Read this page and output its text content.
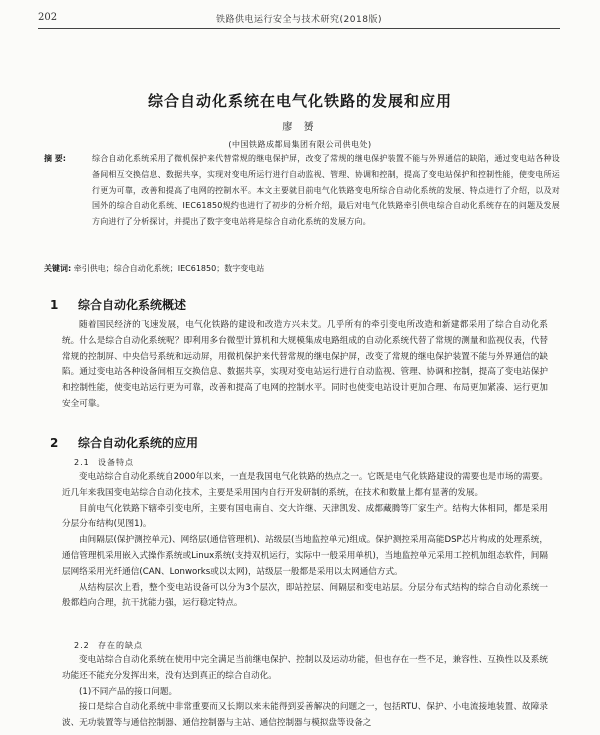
202	铁路供电运行安全与技术研究(2018版)
综合自动化系统在电气化铁路的发展和应用
廖 赟
(中国铁路成都局集团有限公司供电处)
摘 要:	综合自动化系统采用了微机保护来代替常规的继电保护屏，改变了常规的继电保护装置不能与外界通信的缺陷，通过变电站各种设备间相互交换信息、数据共享，实现对变电所运行进行自动监视、管理、协调和控制，提高了变电站保护和控制性能，使变电所运行更为可靠，改善和提高了电网的控制水平。本文主要就目前电气化铁路变电所综合自动化系统的发展、特点进行了介绍，以及对国外的综合自动化系统、IEC61850规约也进行了初步的分析介绍，最后对电气化铁路牵引供电综合自动化系统存在的问题及发展方向进行了分析探讨，并提出了数字变电站将是综合自动化系统的发展方向。
关键词: 牵引供电；综合自动化系统；IEC61850；数字变电站
1 综合自动化系统概述

随着国民经济的飞速发展，电气化铁路的建设和改造方兴未艾。几乎所有的牵引变电所改造和新建都采用了综合自动化系统。什么是综合自动化系统呢？即利用多台微型计算机和大规模集成电路组成的自动化系统代替了常规的测量和监视仪表，代替常规的控制屏、中央信号系统和远动屏，用微机保护来代替常规的继电保护屏，改变了常规的继电保护装置不能与外界通信的缺陷。通过变电站各种设备间相互交换信息、数据共享，实现对变电站运行进行自动监视、管理、协调和控制，提高了变电站保护和控制性能，使变电站运行更为可靠，改善和提高了电网的控制水平。同时也使变电站设计更加合理、布局更加紧凑、运行更加安全可靠。

2 综合自动化系统的应用
2.1 设备特点

变电站综合自动化系统自2000年以来，一直是我国电气化铁路的热点之一。它既是电气化铁路建设的需要也是市场的需要。近几年来我国变电站综合自动化技术，主要是采用国内自行开发研制的系统，在技术和数量上都有显著的发展。

目前电气化铁路下辖牵引变电所，主要有国电南自、交大许继、天津凯发、成都藏腾等厂家生产。结构大体相同，都是采用分层分布结构(见图1)。

由间隔层(保护测控单元)、网络层(通信管理机)、站级层(当地监控单元)组成。保护测控采用高能DSP芯片构成的处理系统，通信管理机采用嵌入式操作系统或Linux系统(支持双机运行，实际中一般采用单机)，当地监控单元采用工控机加组态软件，间隔层网络采用光纤通信(CAN、Lonworks或以太网)，站级层一般都是采用以太网通信方式。

从结构层次上看，整个变电站设备可以分为3个层次，即站控层、间隔层和变电站层。分层分布式结构的综合自动化系统一般都趋向合理，抗干扰能力强，运行稳定特点。

2.2 存在的缺点

变电站综合自动化系统在使用中完全满足当前继电保护、控制以及运动功能，但也存在一些不足，兼容性、互换性以及系统功能还不能充分发挥出来，没有达到真正的综合自动化。

(1)不同产品的接口问题。

接口是综合自动化系统中非常重要而又长期以来未能得到妥善解决的问题之一，包括RTU、保护、小电流接地装置、故障录波、无功装置等与通信控制器、通信控制器与主站、通信控制器与模拟盘等设备之
